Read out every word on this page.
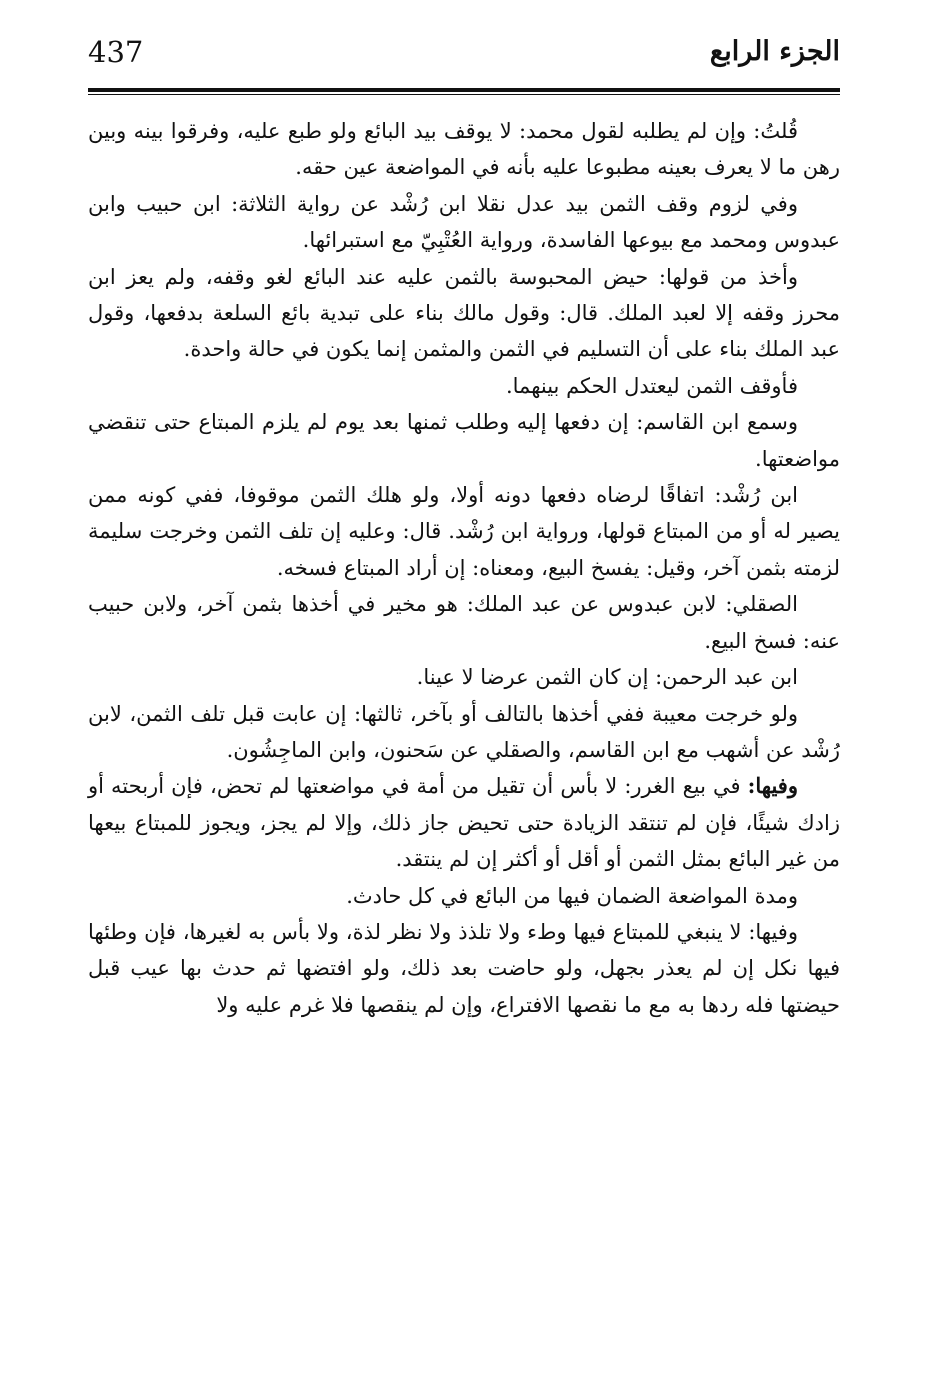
الجزء الرابع
437

قُلتُ: وإن لم يطلبه لقول محمد: لا يوقف بيد البائع ولو طبع عليه، وفرقوا بينه وبين رهن ما لا يعرف بعينه مطبوعا عليه بأنه في المواضعة عين حقه.

وفي لزوم وقف الثمن بيد عدل نقلا ابن رُشْد عن رواية الثلاثة: ابن حبيب وابن عبدوس ومحمد مع بيوعها الفاسدة، ورواية العُتْبِيّ مع استبرائها.

وأخذ من قولها: حيض المحبوسة بالثمن عليه عند البائع لغو وقفه، ولم يعز ابن محرز وقفه إلا لعبد الملك. قال: وقول مالك بناء على تبدية بائع السلعة بدفعها، وقول عبد الملك بناء على أن التسليم في الثمن والمثمن إنما يكون في حالة واحدة.

فأوقف الثمن ليعتدل الحكم بينهما.

وسمع ابن القاسم: إن دفعها إليه وطلب ثمنها بعد يوم لم يلزم المبتاع حتى تنقضي مواضعتها.

ابن رُشْد: اتفاقًا لرضاه دفعها دونه أولا، ولو هلك الثمن موقوفا، ففي كونه ممن يصير له أو من المبتاع قولها، ورواية ابن رُشْد. قال: وعليه إن تلف الثمن وخرجت سليمة لزمته بثمن آخر، وقيل: يفسخ البيع، ومعناه: إن أراد المبتاع فسخه.

الصقلي: لابن عبدوس عن عبد الملك: هو مخير في أخذها بثمن آخر، ولابن حبيب عنه: فسخ البيع.

ابن عبد الرحمن: إن كان الثمن عرضا لا عينا.

ولو خرجت معيبة ففي أخذها بالتالف أو بآخر، ثالثها: إن عابت قبل تلف الثمن، لابن رُشْد عن أشهب مع ابن القاسم، والصقلي عن سَحنون، وابن الماجِشُون.

وفيها: في بيع الغرر: لا بأس أن تقيل من أمة في مواضعتها لم تحض، فإن أربحته أو زادك شيئًا، فإن لم تنتقد الزيادة حتى تحيض جاز ذلك، وإلا لم يجز، ويجوز للمبتاع بيعها من غير البائع بمثل الثمن أو أقل أو أكثر إن لم ينتقد.

ومدة المواضعة الضمان فيها من البائع في كل حادث.

وفيها: لا ينبغي للمبتاع فيها وطء ولا تلذذ ولا نظر لذة، ولا بأس به لغيرها، فإن وطئها فيها نكل إن لم يعذر بجهل، ولو حاضت بعد ذلك، ولو افتضها ثم حدث بها عيب قبل حيضتها فله ردها به مع ما نقصها الافتراع، وإن لم ينقصها فلا غرم عليه ولا
